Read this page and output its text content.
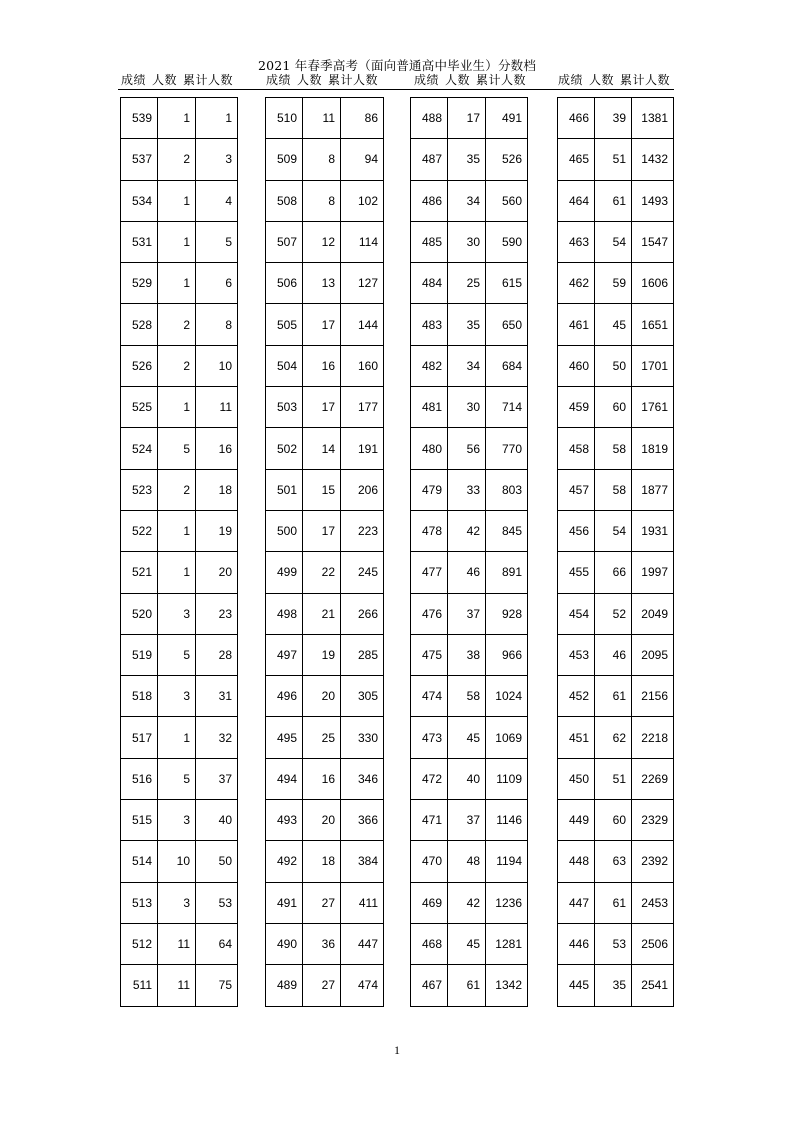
2021 年春季高考（面向普通高中毕业生）分数档
成绩 人数 累计人数	成绩 人数 累计人数	成绩 人数 累计人数	成绩 人数 累计人数
539	1	1
537	2	3
534	1	4
531	1	5
529	1	6
528	2	8
526	2	10
525	1	11
524	5	16
523	2	18
522	1	19
521	1	20
520	3	23
519	5	28
518	3	31
517	1	32
516	5	37
515	3	40
514	10	50
513	3	53
512	11	64
511	11	75
510	11	86
509	8	94
508	8	102
507	12	114
506	13	127
505	17	144
504	16	160
503	17	177
502	14	191
501	15	206
500	17	223
499	22	245
498	21	266
497	19	285
496	20	305
495	25	330
494	16	346
493	20	366
492	18	384
491	27	411
490	36	447
489	27	474
488	17	491
487	35	526
486	34	560
485	30	590
484	25	615
483	35	650
482	34	684
481	30	714
480	56	770
479	33	803
478	42	845
477	46	891
476	37	928
475	38	966
474	58	1024
473	45	1069
472	40	1109
471	37	1146
470	48	1194
469	42	1236
468	45	1281
467	61	1342
466	39	1381
465	51	1432
464	61	1493
463	54	1547
462	59	1606
461	45	1651
460	50	1701
459	60	1761
458	58	1819
457	58	1877
456	54	1931
455	66	1997
454	52	2049
453	46	2095
452	61	2156
451	62	2218
450	51	2269
449	60	2329
448	63	2392
447	61	2453
446	53	2506
445	35	2541
1
